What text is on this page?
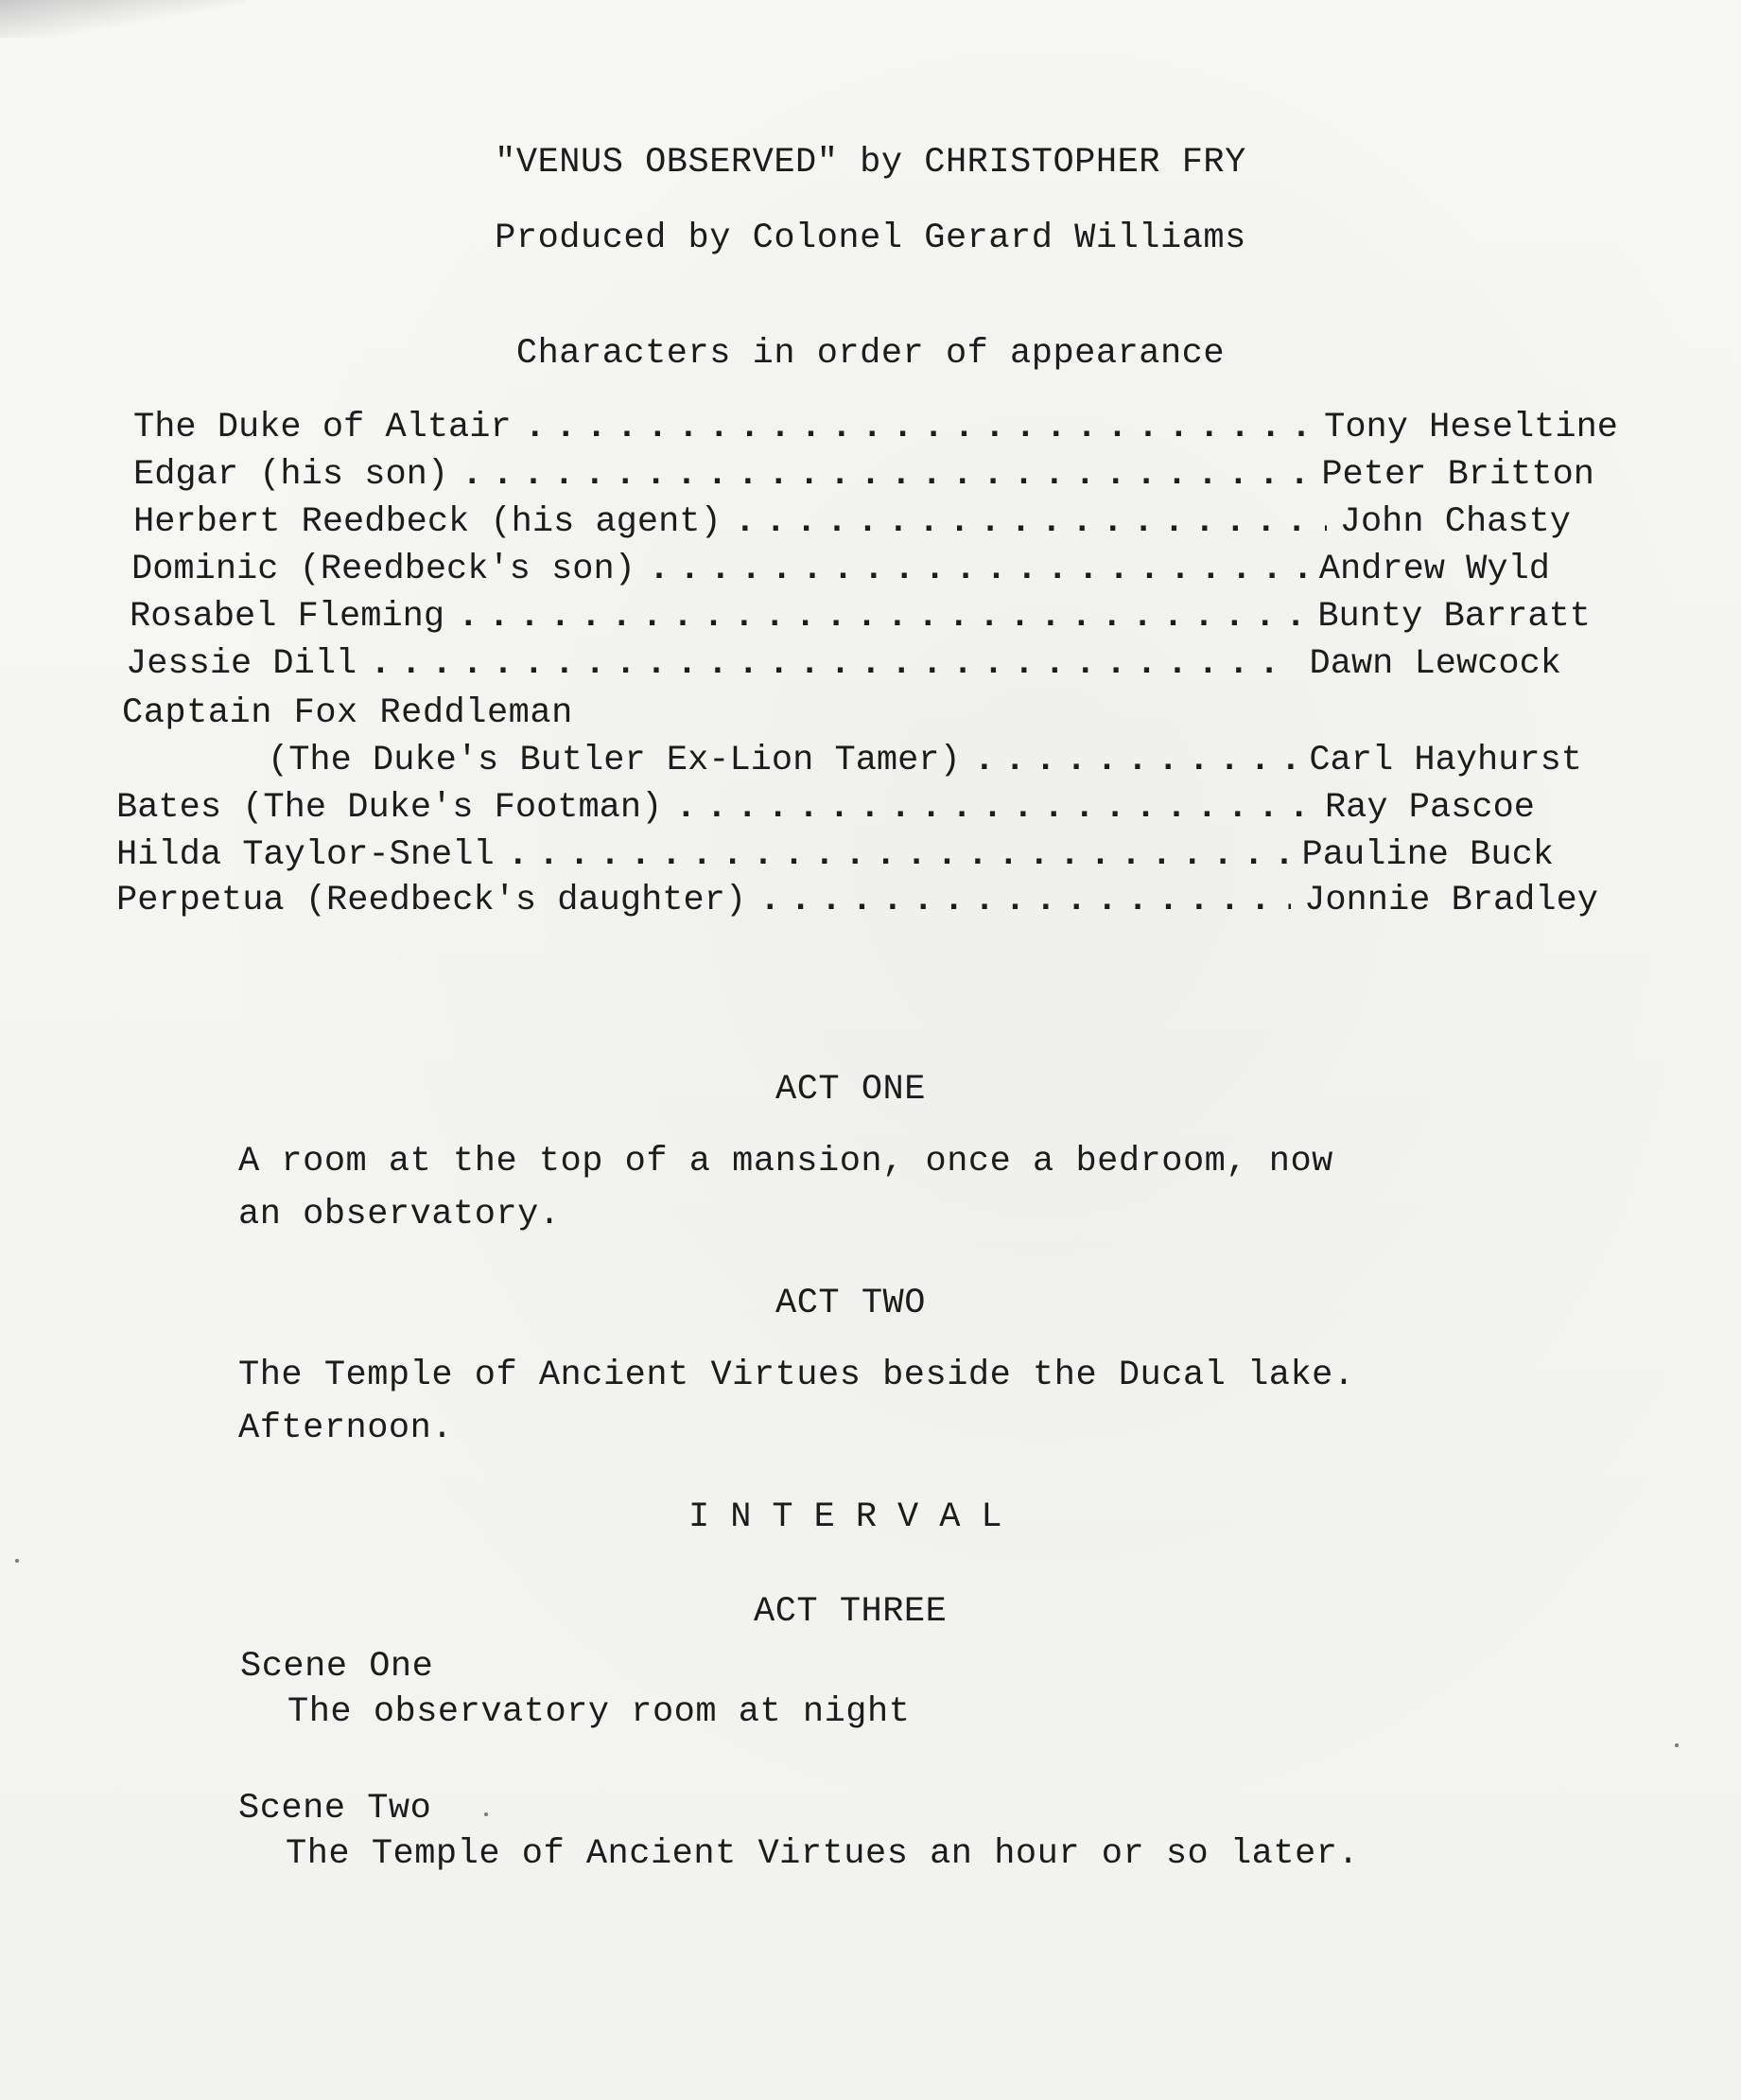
"VENUS OBSERVED" by CHRISTOPHER FRY
Produced by Colonel Gerard Williams
Characters in order of appearance
The Duke of Altair . . .	Tony Heseltine
Edgar (his son) . . .	Peter Britton
Herbert Reedbeck (his agent) . . .	John Chasty
Dominic (Reedbeck's son) . . .	Andrew Wyld
Rosabel Fleming . . .	Bunty Barratt
Jessie Dill . . .	Dawn Lewcock
Captain Fox Reddleman
(The Duke's Butler Ex-Lion Tamer) . . .	Carl Hayhurst
Bates (The Duke's Footman) . . .	Ray Pascoe
Hilda Taylor-Snell . . .	Pauline Buck
Perpetua (Reedbeck's daughter) . . .	Jonnie Bradley
ACT ONE
A room at the top of a mansion, once a bedroom, now
an observatory.
ACT TWO
The Temple of Ancient Virtues beside the Ducal lake.
Afternoon.
INTERVAL
ACT THREE
Scene One
The observatory room at night
Scene Two
The Temple of Ancient Virtues an hour or so later.
